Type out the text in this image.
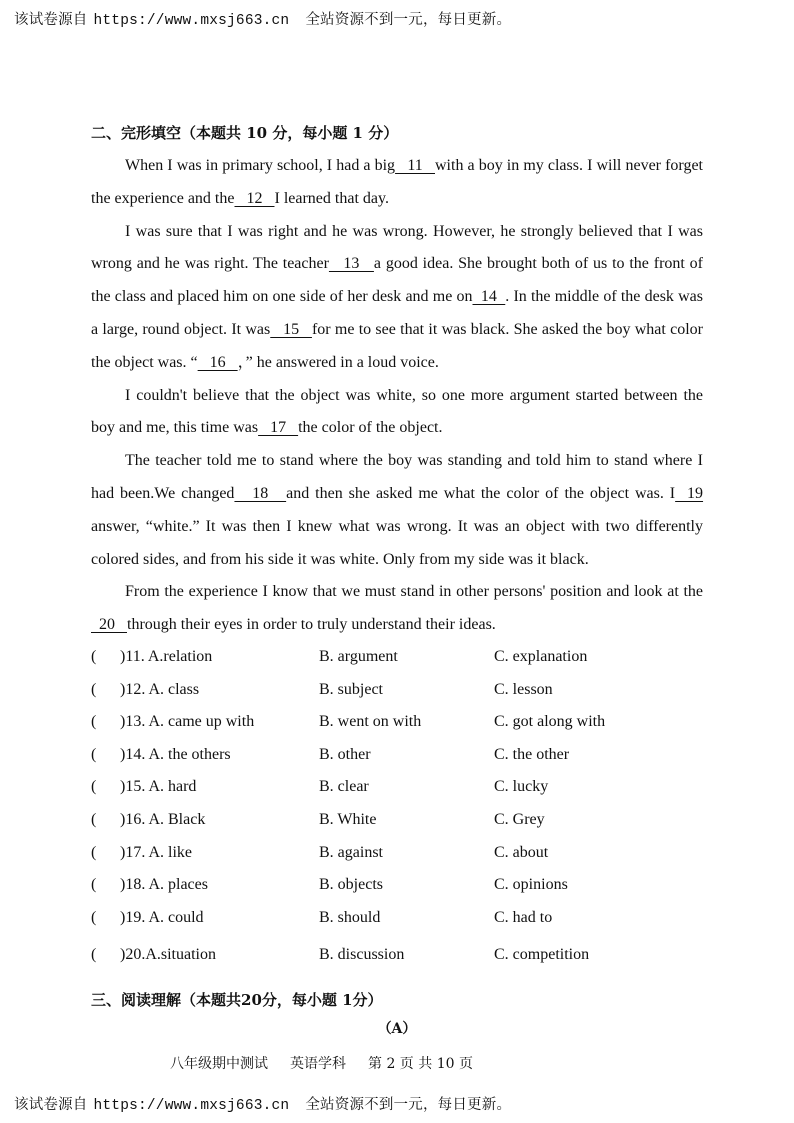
该试卷源自 https://www.mxsj663.cn 全站资源不到一元，每日更新。
二、完形填空（本题共 10 分，每小题 1 分）

When I was in primary school, I had a big   11   with a boy in my class. I will never forget the experience and the   12   I learned that day.

I was sure that I was right and he was wrong. However, he strongly believed that I was wrong and he was right. The teacher   13   a good idea. She brought both of us to the front of the class and placed him on one side of her desk and me on  14  . In the middle of the desk was a large, round object. It was   15   for me to see that it was black. She asked the boy what color the object was. “   16   ，” he answered in a loud voice.

I couldn't believe that the object was white, so one more argument started between the boy and me, this time was   17   the color of the object.

The teacher told me to stand where the boy was standing and told him to stand where I had been.We changed   18   and then she asked me what the color of the object was. I  19 answer, “white.” It was then I knew what was wrong. It was an object with two differently colored sides, and from his side it was white. Only from my side was it black.

From the experience I know that we must stand in other persons' position and look at the  20   through their eyes in order to truly understand their ideas.

( )11. A.relation	B. argument	C. explanation
( )12. A. class	B. subject	C. lesson
( )13. A. came up with	B. went on with	C. got along with
( )14. A. the others	B. other	C. the other
( )15. A. hard	B. clear	C. lucky
( )16. A. Black	B. White	C. Grey
( )17. A. like	B. against	C. about
( )18. A. places	B. objects	C. opinions
( )19. A. could	B. should	C. had to
( )20.A.situation	B. discussion	C. competition
三、阅读理解（本题共20分，每小题 1分）
（A）
八年级期中测试 英语学科 第 2 页 共 10 页
该试卷源自 https://www.mxsj663.cn 全站资源不到一元，每日更新。
